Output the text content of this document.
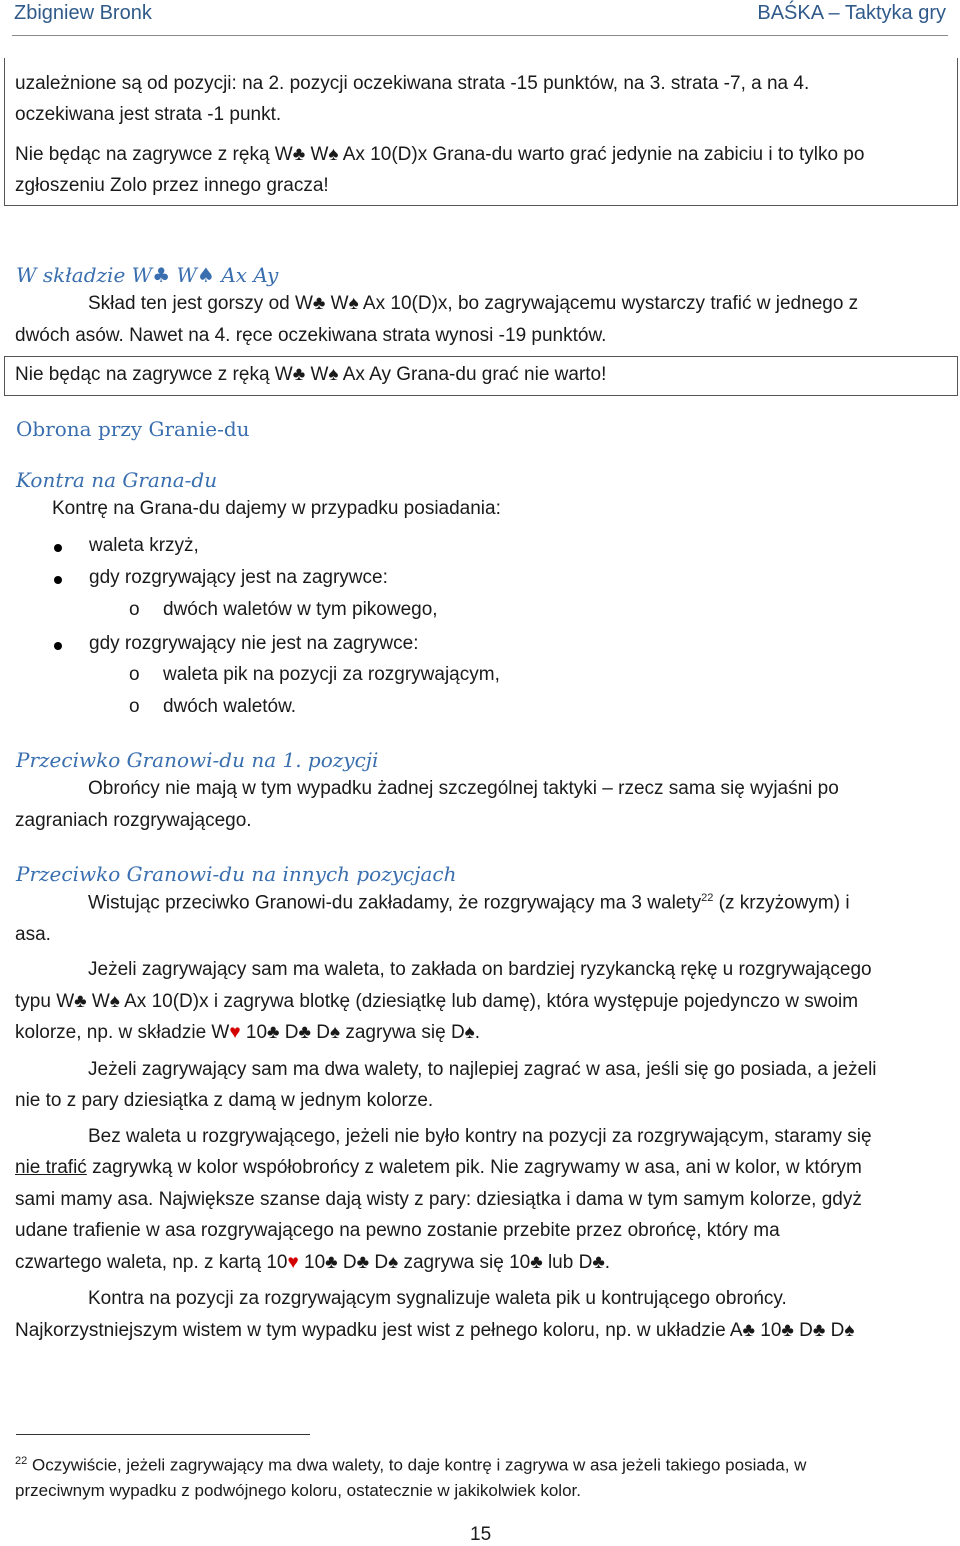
Zbigniew Bronk	BAŚKA – Taktyka gry
uzależnione są od pozycji: na 2. pozycji oczekiwana strata -15 punktów, na 3. strata -7, a na 4.
oczekiwana jest strata -1 punkt.
Nie będąc na zagrywce z ręką W♣ W♠ Ax 10(D)x Grana-du warto grać jedynie na zabiciu i to tylko po
zgłoszeniu Zolo przez innego gracza!
W składzie W♣ W♠ Ax Ay
Skład ten jest gorszy od W♣ W♠ Ax 10(D)x, bo zagrywającemu wystarczy trafić w jednego z
dwóch asów. Nawet na 4. ręce oczekiwana strata wynosi -19 punktów.
Nie będąc na zagrywce z ręką W♣ W♠ Ax Ay Grana-du grać nie warto!
Obrona przy Granie-du
Kontra na Grana-du
Kontrę na Grana-du dajemy w przypadku posiadania:
waleta krzyż,
gdy rozgrywający jest na zagrywce:
o dwóch waletów w tym pikowego,
gdy rozgrywający nie jest na zagrywce:
o waleta pik na pozycji za rozgrywającym,
o dwóch waletów.
Przeciwko Granowi-du na 1. pozycji
Obrońcy nie mają w tym wypadku żadnej szczególnej taktyki – rzecz sama się wyjaśni po
zagraniach rozgrywającego.
Przeciwko Granowi-du na innych pozycjach
Wistując przeciwko Granowi-du zakładamy, że rozgrywający ma 3 walety$^{22}$ (z krzyżowym) i
asa.
Jeżeli zagrywający sam ma waleta, to zakłada on bardziej ryzykancką rękę u rozgrywającego
typu W♣ W♠ Ax 10(D)x i zagrywa blotkę (dziesiątkę lub damę), która występuje pojedynczo w swoim
kolorze, np. w składzie W♥ 10♣ D♣ D♠ zagrywa się D♠.
Jeżeli zagrywający sam ma dwa walety, to najlepiej zagrać w asa, jeśli się go posiada, a jeżeli
nie to z pary dziesiątka z damą w jednym kolorze.
Bez waleta u rozgrywającego, jeżeli nie było kontry na pozycji za rozgrywającym, staramy się
nie trafić zagrywką w kolor współobrońcy z waletem pik. Nie zagrywamy w asa, ani w kolor, w którym
sami mamy asa. Największe szanse dają wisty z pary: dziesiątka i dama w tym samym kolorze, gdyż
udane trafienie w asa rozgrywającego na pewno zostanie przebite przez obrońcę, który ma
czwartego waleta, np. z kartą 10♥ 10♣ D♣ D♠ zagrywa się 10♣ lub D♣.
Kontra na pozycji za rozgrywającym sygnalizuje waleta pik u kontrującego obrońcy.
Najkorzystniejszym wistem w tym wypadku jest wist z pełnego koloru, np. w układzie A♣ 10♣ D♣ D♠
$^{22}$ Oczywiście, jeżeli zagrywający ma dwa walety, to daje kontrę i zagrywa w asa jeżeli takiego posiada, w
przeciwnym wypadku z podwójnego koloru, ostatecznie w jakikolwiek kolor.
15
